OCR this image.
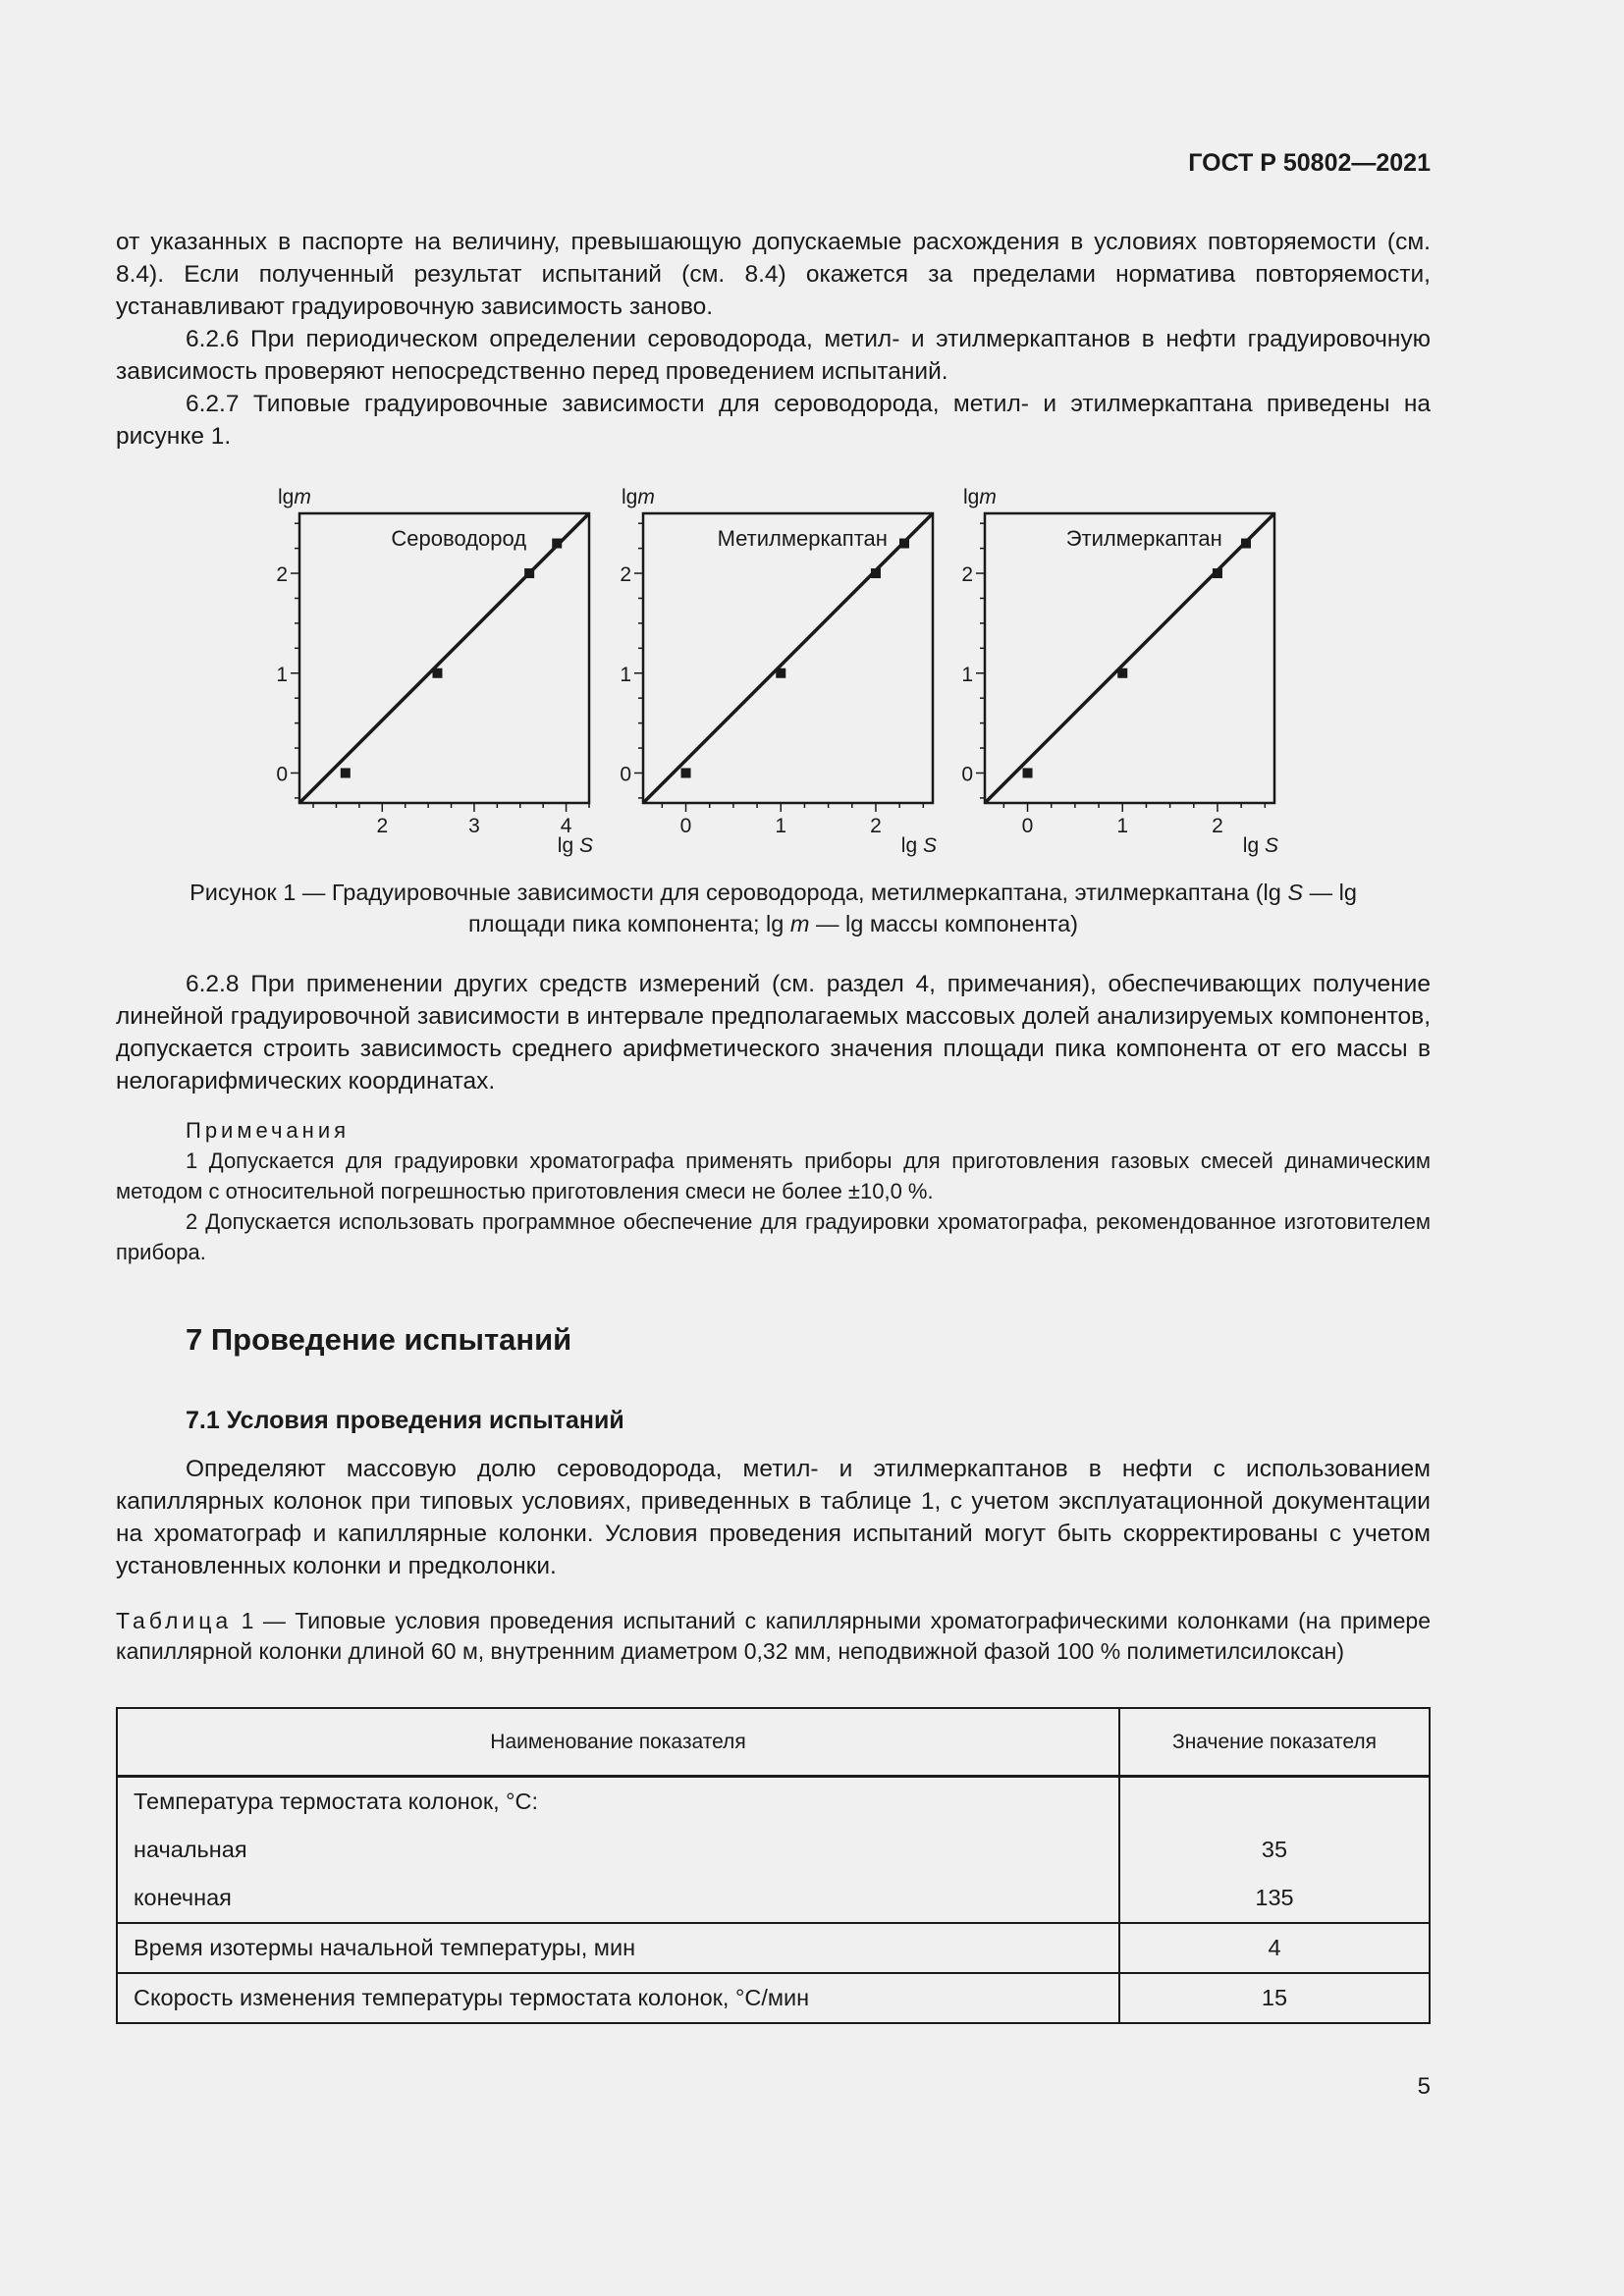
ГОСТ Р 50802—2021

от указанных в паспорте на величину, превышающую допускаемые расхождения в условиях повторяемости (см. 8.4). Если полученный результат испытаний (см. 8.4) окажется за пределами норматива повторяемости, устанавливают градуировочную зависимость заново.

6.2.6 При периодическом определении сероводорода, метил- и этилмеркаптанов в нефти градуировочную зависимость проверяют непосредственно перед проведением испытаний.

6.2.7 Типовые градуировочные зависимости для сероводорода, метил- и этилмеркаптана приведены на рисунке 1.

2	3	4
0
1
2
lgm
lg S
Сероводород
0	1	2
0
1
2
lgm
lg S
Метилмеркаптан
0	1	2
0
1
2
lgm
lg S
Этилмеркаптан
Рисунок 1 — Градуировочные зависимости для сероводорода, метилмеркаптана, этилмеркаптана (lg S — lg
площади пика компонента; lg m — lg массы компонента)

6.2.8 При применении других средств измерений (см. раздел 4, примечания), обеспечивающих получение линейной градуировочной зависимости в интервале предполагаемых массовых долей анализируемых компонентов, допускается строить зависимость среднего арифметического значения площади пика компонента от его массы в нелогарифмических координатах.

Примечания

1 Допускается для градуировки хроматографа применять приборы для приготовления газовых смесей динамическим методом с относительной погрешностью приготовления смеси не более ±10,0 %.

2 Допускается использовать программное обеспечение для градуировки хроматографа, рекомендованное изготовителем прибора.

7 Проведение испытаний
7.1 Условия проведения испытаний

Определяют массовую долю сероводорода, метил- и этилмеркаптанов в нефти с использованием капиллярных колонок при типовых условиях, приведенных в таблице 1, с учетом эксплуатационной документации на хроматограф и капиллярные колонки. Условия проведения испытаний могут быть скорректированы с учетом установленных колонки и предколонки.

Таблица 1 — Типовые условия проведения испытаний с капиллярными хроматографическими колонками (на примере капиллярной колонки длиной 60 м, внутренним диаметром 0,32 мм, неподвижной фазой 100 % полиметилсилоксан)

Наименование показателя	Значение показателя
Температура термостата колонок, °С:	
начальная	35
конечная	135
Время изотермы начальной температуры, мин	4
Скорость изменения температуры термостата колонок, °С/мин	15
5
